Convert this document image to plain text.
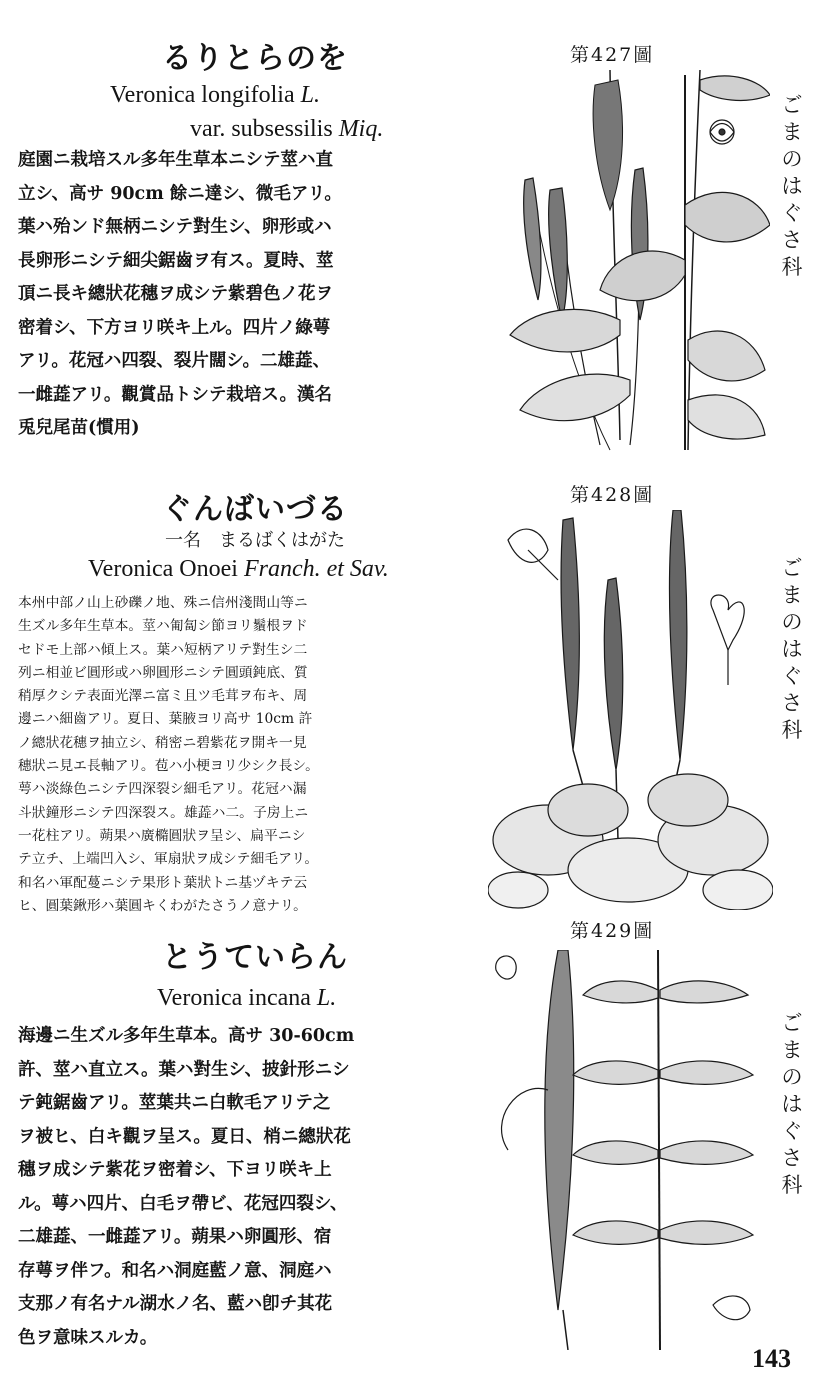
るりとらのを

Veronica longifolia L.

var. subsessilis Miq.

庭園ニ栽培スル多年生草本ニシテ莖ハ直

立シ、高サ 90cm 餘ニ達シ、微毛アリ。

葉ハ殆ンド無柄ニシテ對生シ、卵形或ハ

長卵形ニシテ細尖鋸齒ヲ有ス。夏時、莖

頂ニ長キ總狀花穗ヲ成シテ紫碧色ノ花ヲ

密着シ、下方ヨリ咲キ上ル。四片ノ綠萼

アリ。花冠ハ四裂、裂片闊シ。二雄蕋、

一雌蕋アリ。觀賞品トシテ栽培ス。漢名

兎兒尾苗(慣用)

第427圖

ご
ま
の
は
ぐ
さ
科
ぐんばいづる

一名　まるばくはがた

Veronica Onoei Franch. et Sav.

本州中部ノ山上砂礫ノ地、殊ニ信州淺間山等ニ

生ズル多年生草本。莖ハ匍匐シ節ヨリ鬚根ヲド

セドモ上部ハ傾上ス。葉ハ短柄アリテ對生シ二

列ニ相並ビ圓形或ハ卵圓形ニシテ圓頭鈍底、質

稍厚クシテ表面光澤ニ富ミ且ツ毛茸ヲ布キ、周

邊ニハ細齒アリ。夏日、葉腋ヨリ高サ 10cm 許

ノ總狀花穗ヲ抽立シ、稍密ニ碧紫花ヲ開キ一見

穗狀ニ見エ長軸アリ。苞ハ小梗ヨリ少シク長シ。

萼ハ淡綠色ニシテ四深裂シ細毛アリ。花冠ハ漏

斗狀鐘形ニシテ四深裂ス。雄蕋ハ二。子房上ニ

一花柱アリ。蒴果ハ廣橢圓狀ヲ呈シ、扁平ニシ

テ立チ、上端凹入シ、軍扇狀ヲ成シテ細毛アリ。

和名ハ軍配蔓ニシテ果形ト葉狀トニ基ヅキテ云

ヒ、圓葉鍬形ハ葉圓キくわがたさうノ意ナリ。

第428圖

ご
ま
の
は
ぐ
さ
科
とうていらん

Veronica incana L.

海邊ニ生ズル多年生草本。高サ 30-60cm

許、莖ハ直立ス。葉ハ對生シ、披針形ニシ

テ鈍鋸齒アリ。莖葉共ニ白軟毛アリテ之

ヲ被ヒ、白キ觀ヲ呈ス。夏日、梢ニ總狀花

穗ヲ成シテ紫花ヲ密着シ、下ヨリ咲キ上

ル。萼ハ四片、白毛ヲ帶ビ、花冠四裂シ、

二雄蕋、一雌蕋アリ。蒴果ハ卵圓形、宿

存萼ヲ伴フ。和名ハ洞庭藍ノ意、洞庭ハ

支那ノ有名ナル湖水ノ名、藍ハ卽チ其花

色ヲ意味スルカ。

第429圖

ご
ま
の
は
ぐ
さ
科

143
